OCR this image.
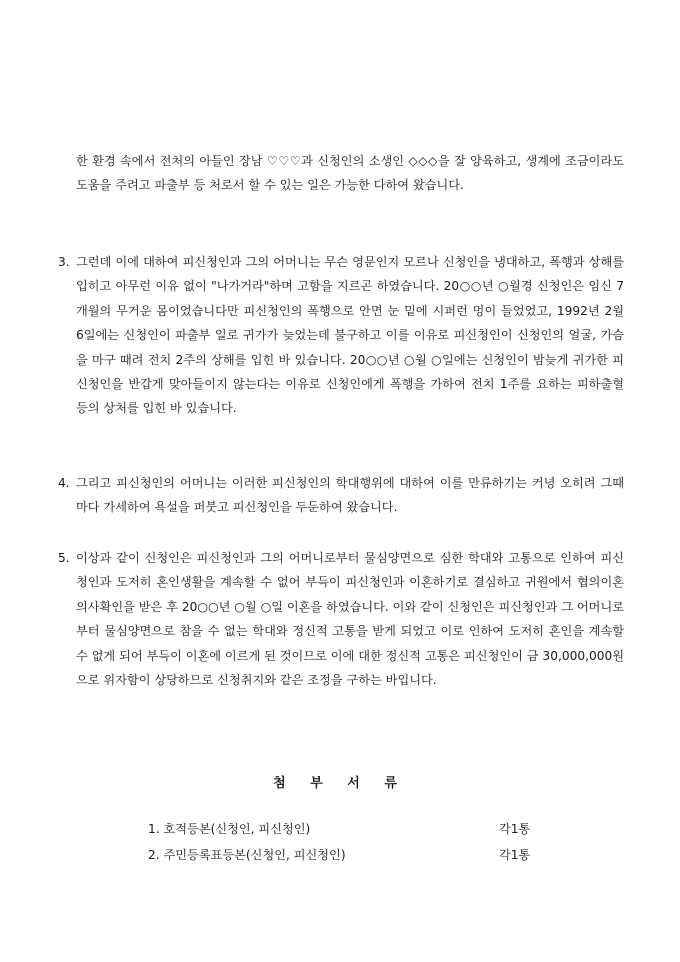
한 환경 속에서 전처의 아들인 장남 ♡♡♡과 신청인의 소생인 ◇◇◇을 잘 양육하고, 생계에 조금이라도 도움을 주려고 파출부 등 처로서 할 수 있는 일은 가능한 다하여 왔습니다.
3. 그런데 이에 대하여 피신청인과 그의 어머니는 무슨 영문인지 모르나 신청인을 냉대하고, 폭행과 상해를 입히고 아무런 이유 없이 "나가거라"하며 고함을 지르곤 하였습니다. 20○○년 ○월경 신청인은 임신 7개월의 무거운 몸이었습니다만 피신청인의 폭행으로 안면 눈 밑에 시퍼런 멍이 들었었고, 1992년 2월 6일에는 신청인이 파출부 일로 귀가가 늦었는데 불구하고 이를 이유로 피신청인이 신청인의 얼굴, 가슴을 마구 때려 전치 2주의 상해를 입힌 바 있습니다. 20○○년 ○월 ○일에는 신청인이 밤늦게 귀가한 피신청인을 반갑게 맞아들이지 않는다는 이유로 신청인에게 폭행을 가하여 전치 1주를 요하는 피하출혈 등의 상처를 입힌 바 있습니다.
4. 그리고 피신청인의 어머니는 이러한 피신청인의 학대행위에 대하여 이를 만류하기는 커녕 오히려 그때마다 가세하여 욕설을 퍼붓고 피신청인을 두둔하여 왔습니다.
5. 이상과 같이 신청인은 피신청인과 그의 어머니로부터 물심양면으로 심한 학대와 고통으로 인하여 피신청인과 도저히 혼인생활을 계속할 수 없어 부득이 피신청인과 이혼하기로 결심하고 귀원에서 협의이혼의사확인을 받은 후 20○○년 ○월 ○일 이혼을 하였습니다. 이와 같이 신청인은 피신청인과 그 어머니로부터 물심양면으로 참을 수 없는 학대와 정신적 고통을 받게 되었고 이로 인하여 도저히 혼인을 계속할 수 없게 되어 부득이 이혼에 이르게 된 것이므로 이에 대한 정신적 고통은 피신청인이 금 30,000,000원으로 위자함이 상당하므로 신청취지와 같은 조정을 구하는 바입니다.
첨 부 서 류
1. 호적등본(신청인, 피신청인)	각1통
2. 주민등록표등본(신청인, 피신청인)	각1통
